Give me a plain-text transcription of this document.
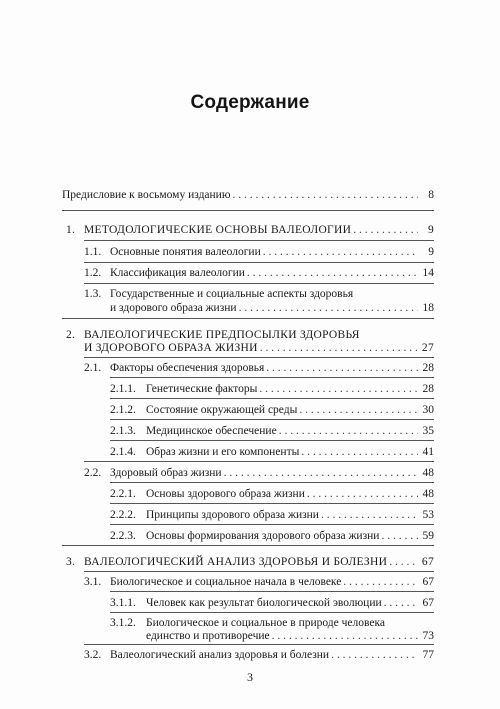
Содержание
Предисловие к восьмому изданию . . .	8
1. МЕТОДОЛОГИЧЕСКИЕ ОСНОВЫ ВАЛЕОЛОГИИ . . .	9
1.1. Основные понятия валеологии . . .	9
1.2. Классификация валеологии . . .	14
1.3. Государственные и социальные аспекты здоровья
и здорового образа жизни . . .	18
2. ВАЛЕОЛОГИЧЕСКИЕ ПРЕДПОСЫЛКИ ЗДОРОВЬЯ
И ЗДОРОВОГО ОБРАЗА ЖИЗНИ . . .	27
2.1. Факторы обеспечения здоровья . . .	28
2.1.1. Генетические факторы . . .	28
2.1.2. Состояние окружающей среды . . .	30
2.1.3. Медицинское обеспечение . . .	35
2.1.4. Образ жизни и его компоненты . . .	41
2.2. Здоровый образ жизни . . .	48
2.2.1. Основы здорового образа жизни . . .	48
2.2.2. Принципы здорового образа жизни . . .	53
2.2.3. Основы формирования здорового образа жизни . . .	59
3. ВАЛЕОЛОГИЧЕСКИЙ АНАЛИЗ ЗДОРОВЬЯ И БОЛЕЗНИ . . .	67
3.1. Биологическое и социальное начала в человеке . . .	67
3.1.1. Человек как результат биологической эволюции . . .	67
3.1.2. Биологическое и социальное в природе человека
единство и противоречие . . .	73
3.2. Валеологический анализ здоровья и болезни . . .	77
3
